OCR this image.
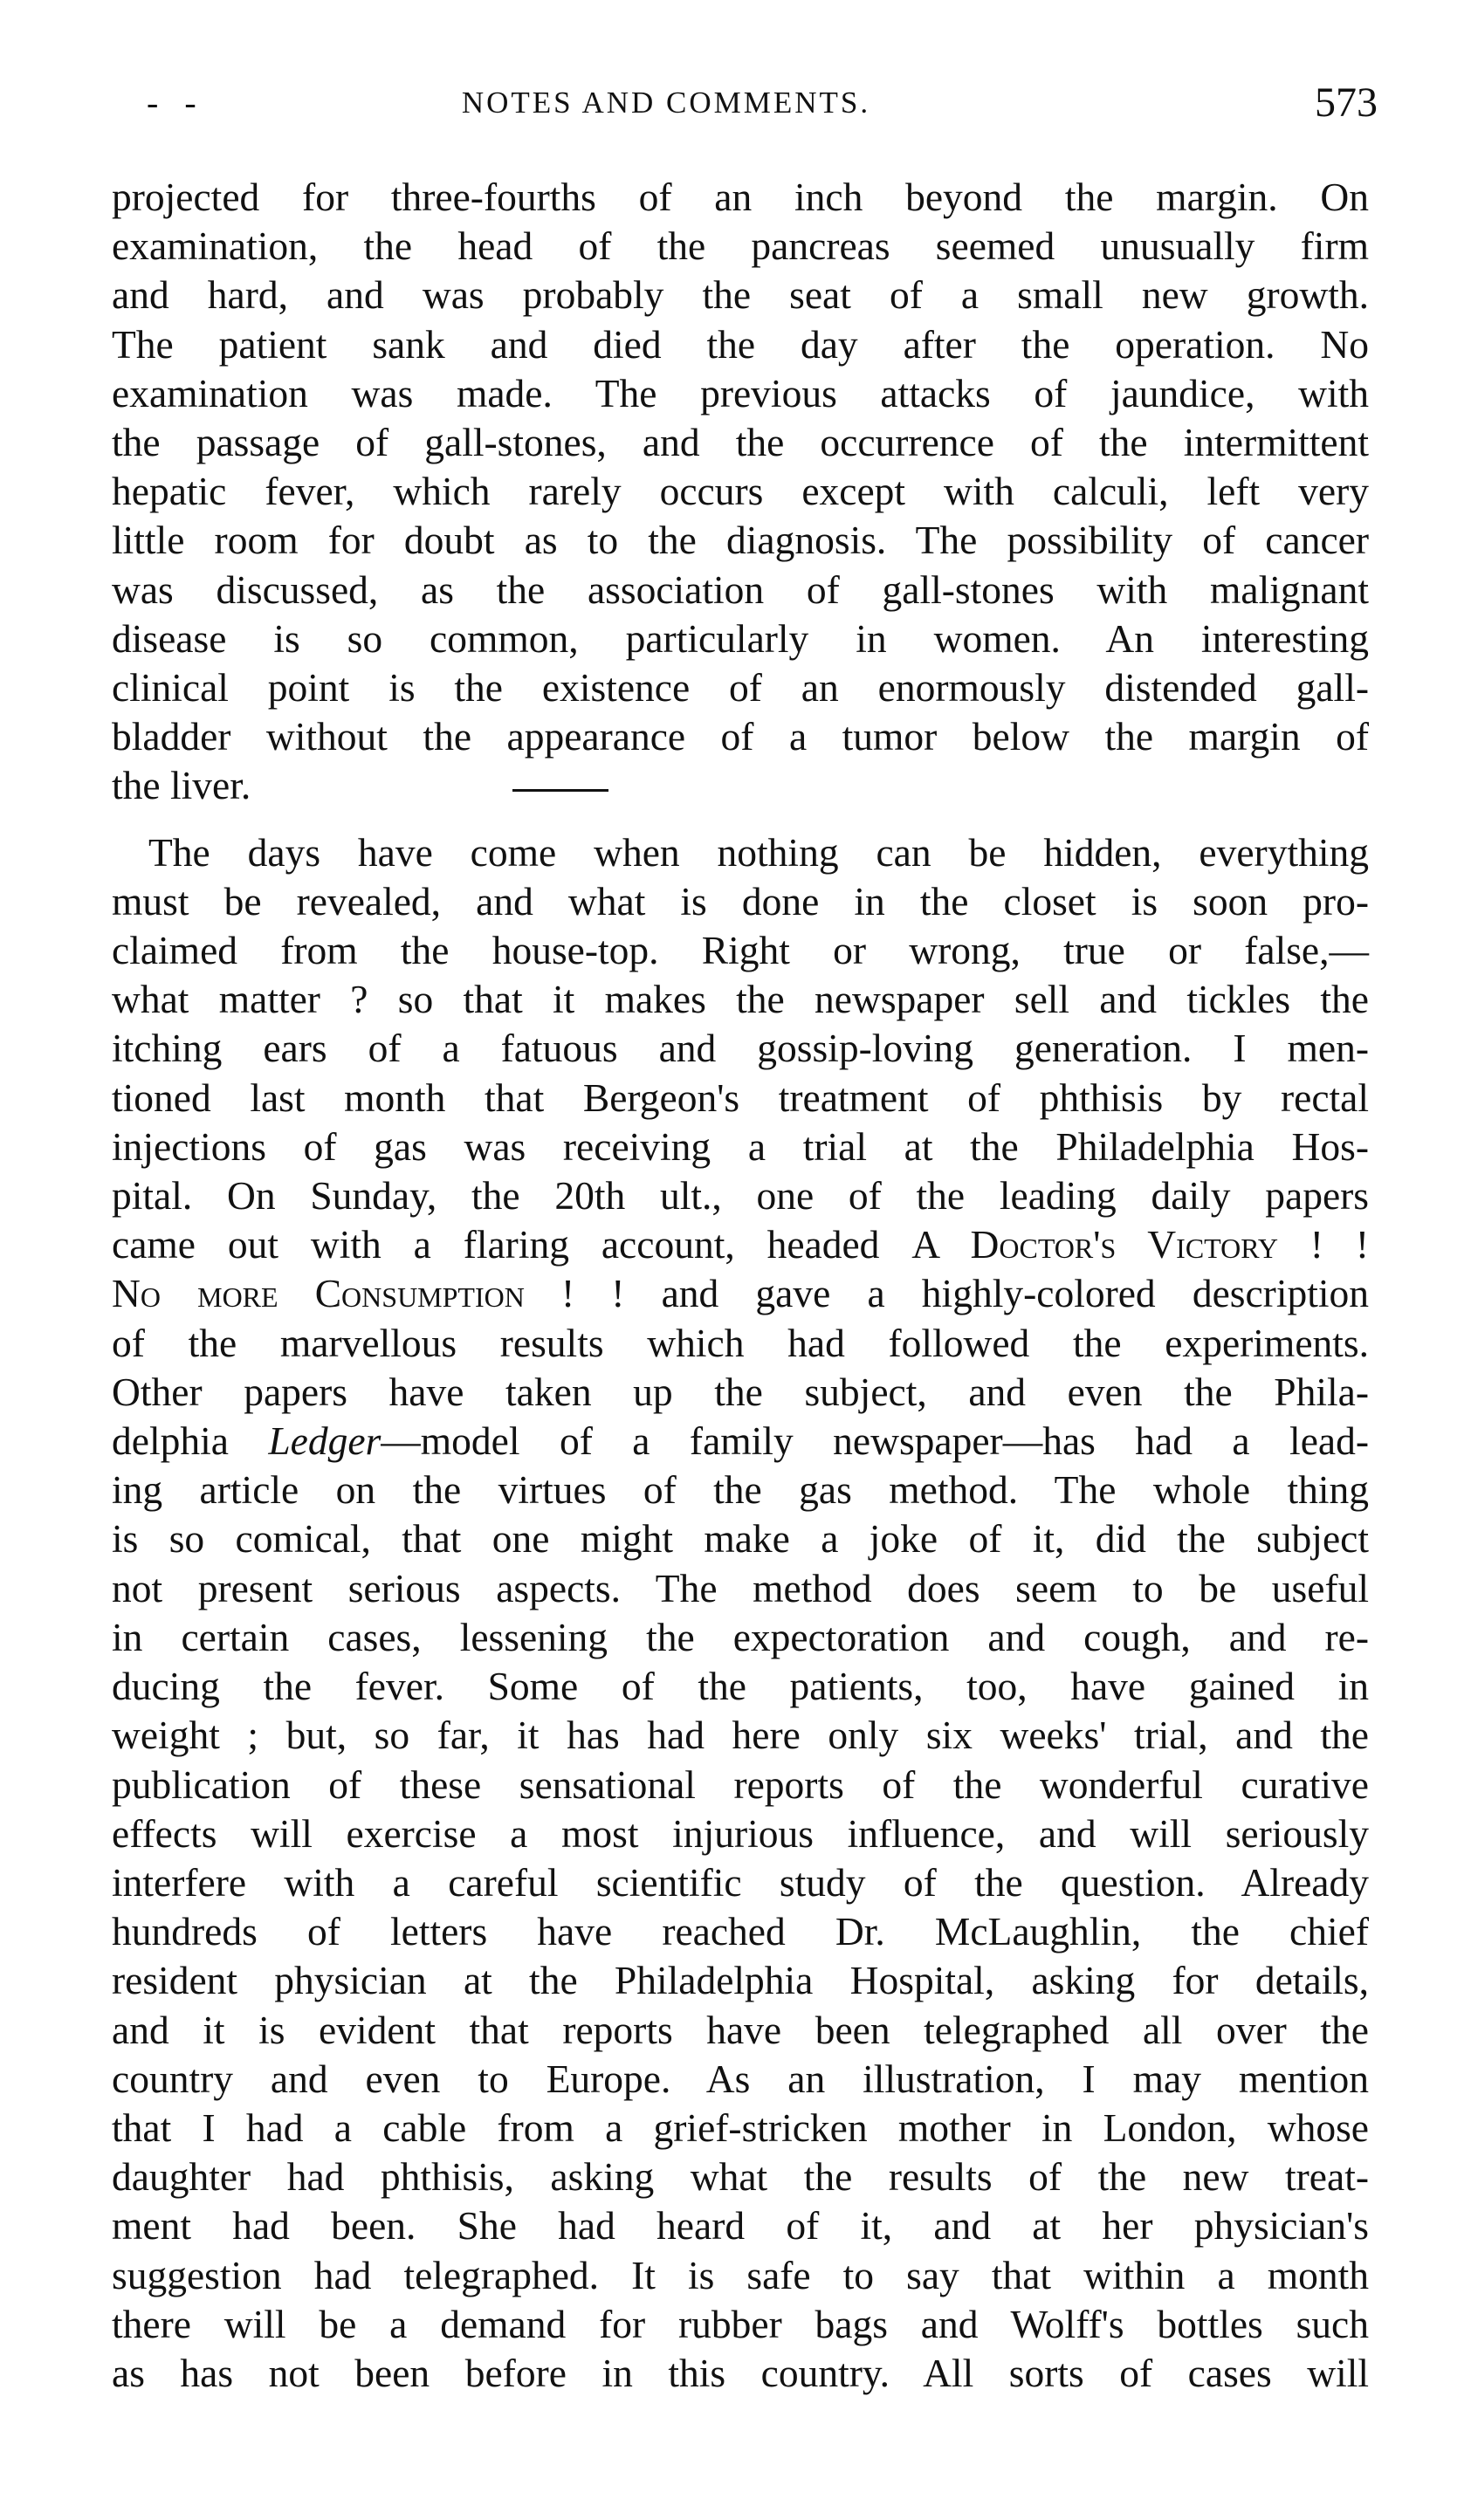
- -	NOTES AND COMMENTS.	573

projected for three-fourths of an inch beyond the margin. On
examination, the head of the pancreas seemed unusually firm
and hard, and was probably the seat of a small new growth.
The patient sank and died the day after the operation. No
examination was made. The previous attacks of jaundice, with
the passage of gall-stones, and the occurrence of the intermittent
hepatic fever, which rarely occurs except with calculi, left very
little room for doubt as to the diagnosis. The possibility of cancer
was discussed, as the association of gall-stones with malignant
disease is so common, particularly in women. An interesting
clinical point is the existence of an enormously distended gall-
bladder without the appearance of a tumor below the margin of
the liver.

The days have come when nothing can be hidden, everything
must be revealed, and what is done in the closet is soon pro-
claimed from the house-top. Right or wrong, true or false,—
what matter ? so that it makes the newspaper sell and tickles the
itching ears of a fatuous and gossip-loving generation. I men-
tioned last month that Bergeon's treatment of phthisis by rectal
injections of gas was receiving a trial at the Philadelphia Hos-
pital. On Sunday, the 20th ult., one of the leading daily papers
came out with a flaring account, headed A Doctor's Victory ! !
No more Consumption ! ! and gave a highly-colored description
of the marvellous results which had followed the experiments.
Other papers have taken up the subject, and even the Phila-
delphia Ledger—model of a family newspaper—has had a lead-
ing article on the virtues of the gas method. The whole thing
is so comical, that one might make a joke of it, did the subject
not present serious aspects. The method does seem to be useful
in certain cases, lessening the expectoration and cough, and re-
ducing the fever. Some of the patients, too, have gained in
weight ; but, so far, it has had here only six weeks' trial, and the
publication of these sensational reports of the wonderful curative
effects will exercise a most injurious influence, and will seriously
interfere with a careful scientific study of the question. Already
hundreds of letters have reached Dr. McLaughlin, the chief
resident physician at the Philadelphia Hospital, asking for details,
and it is evident that reports have been telegraphed all over the
country and even to Europe. As an illustration, I may mention
that I had a cable from a grief-stricken mother in London, whose
daughter had phthisis, asking what the results of the new treat-
ment had been. She had heard of it, and at her physician's
suggestion had telegraphed. It is safe to say that within a month
there will be a demand for rubber bags and Wolff's bottles such
as has not been before in this country. All sorts of cases will
